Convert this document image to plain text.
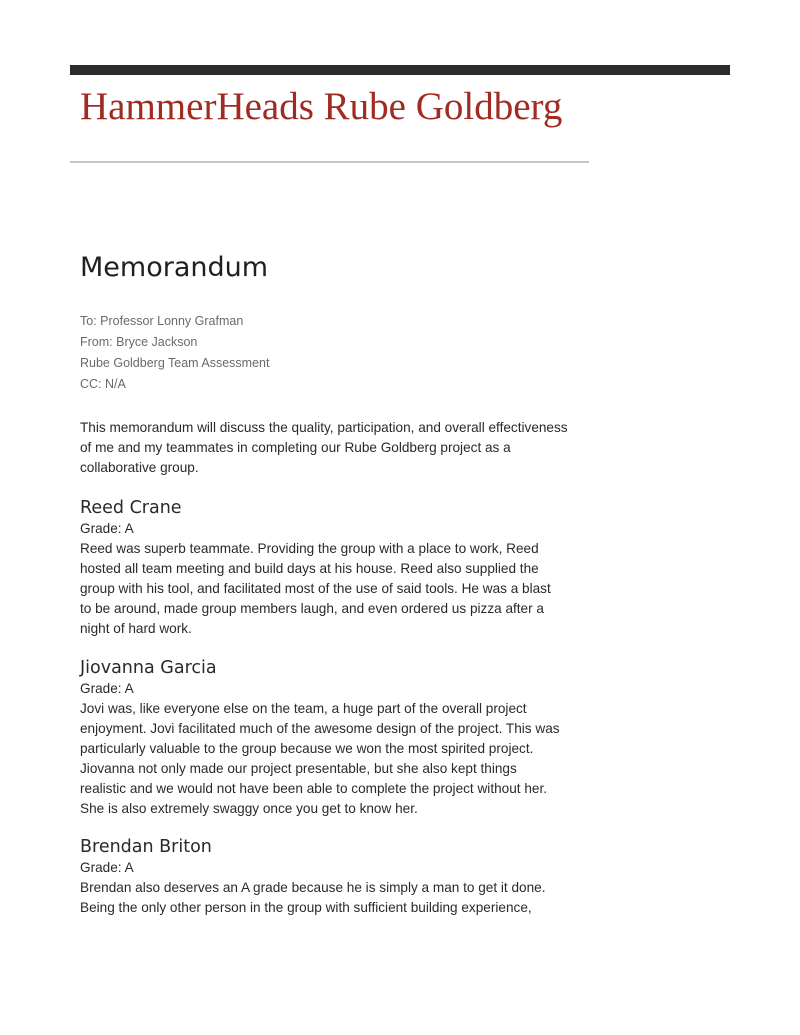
HammerHeads Rube Goldberg
Memorandum
To: Professor Lonny Grafman
From: Bryce Jackson
Rube Goldberg Team Assessment
CC: N/A

This memorandum will discuss the quality, participation, and overall effectiveness of me and my teammates in completing our Rube Goldberg project as a collaborative group.

Reed Crane

Grade: A

Reed was superb teammate. Providing the group with a place to work, Reed
hosted all team meeting and build days at his house. Reed also supplied the
group with his tool, and facilitated most of the use of said tools. He was a blast
to be around, made group members laugh, and even ordered us pizza after a
night of hard work.

Jiovanna Garcia

Grade: A

Jovi was, like everyone else on the team, a huge part of the overall project
enjoyment. Jovi facilitated much of the awesome design of the project. This was
particularly valuable to the group because we won the most spirited project.
Jiovanna not only made our project presentable, but she also kept things
realistic and we would not have been able to complete the project without her.
She is also extremely swaggy once you get to know her.

Brendan Briton

Grade: A

Brendan also deserves an A grade because he is simply a man to get it done.
Being the only other person in the group with sufficient building experience,
